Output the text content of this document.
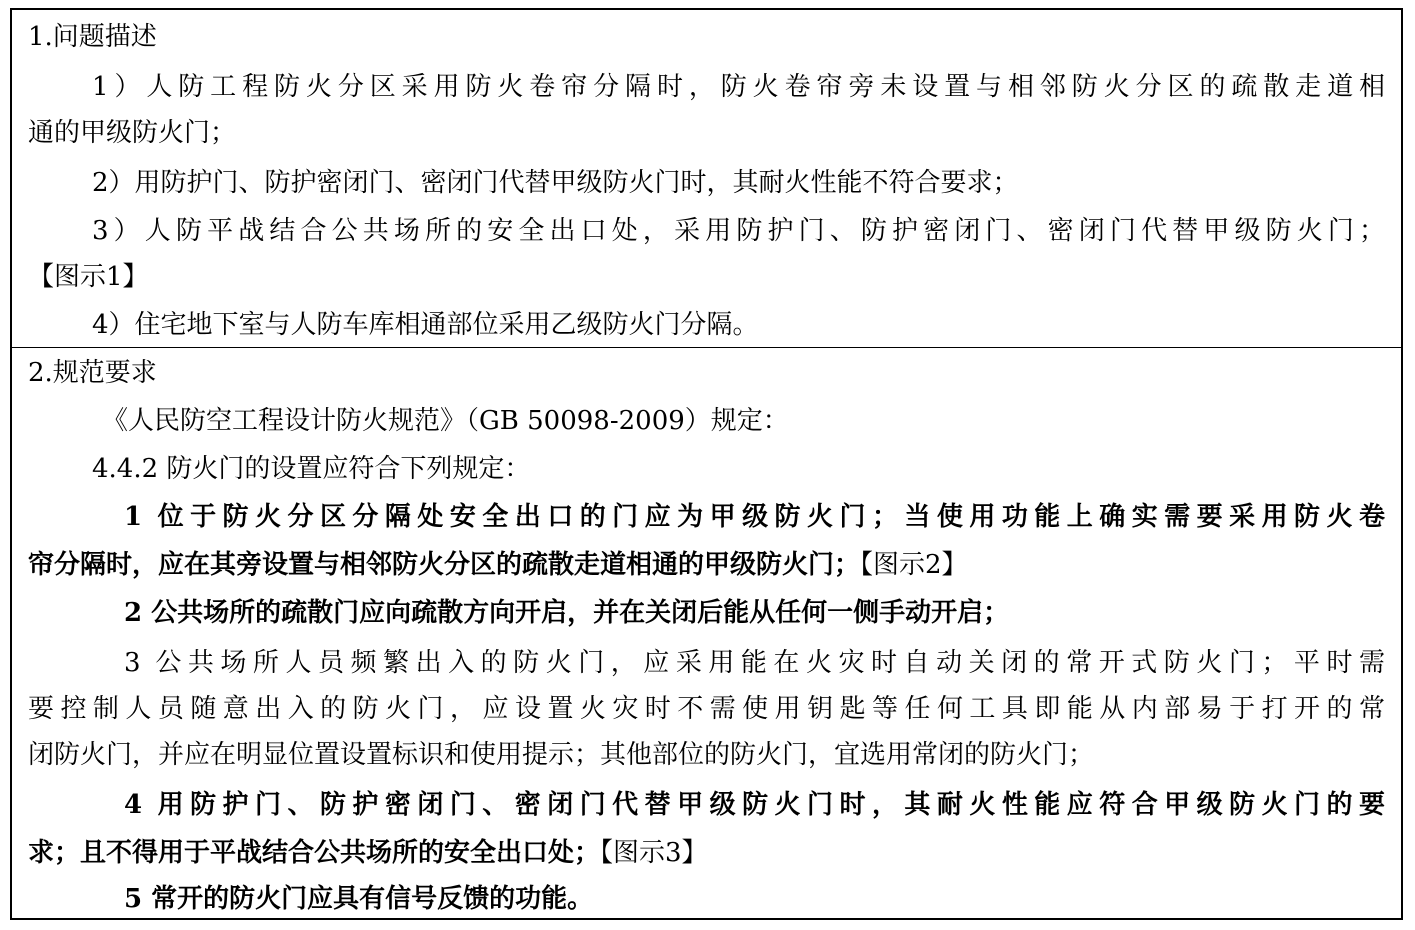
1.问题描述
1）人防工程防火分区采用防火卷帘分隔时，防火卷帘旁未设置与相邻防火分区的疏散走道相
通的甲级防火门；
2）用防护门、防护密闭门、密闭门代替甲级防火门时，其耐火性能不符合要求；
3）人防平战结合公共场所的安全出口处，采用防护门、防护密闭门、密闭门代替甲级防火门；
【图示1】
4）住宅地下室与人防车库相通部位采用乙级防火门分隔。
2.规范要求
《人民防空工程设计防火规范》（GB 50098-2009）规定：
4.4.2 防火门的设置应符合下列规定：
1 位于防火分区分隔处安全出口的门应为甲级防火门；当使用功能上确实需要采用防火卷
帘分隔时，应在其旁设置与相邻防火分区的疏散走道相通的甲级防火门；【图示2】
2 公共场所的疏散门应向疏散方向开启，并在关闭后能从任何一侧手动开启；
3 公共场所人员频繁出入的防火门，应采用能在火灾时自动关闭的常开式防火门；平时需
要控制人员随意出入的防火门，应设置火灾时不需使用钥匙等任何工具即能从内部易于打开的常
闭防火门，并应在明显位置设置标识和使用提示；其他部位的防火门，宜选用常闭的防火门；
4 用防护门、防护密闭门、密闭门代替甲级防火门时，其耐火性能应符合甲级防火门的要
求；且不得用于平战结合公共场所的安全出口处；【图示3】
5 常开的防火门应具有信号反馈的功能。
